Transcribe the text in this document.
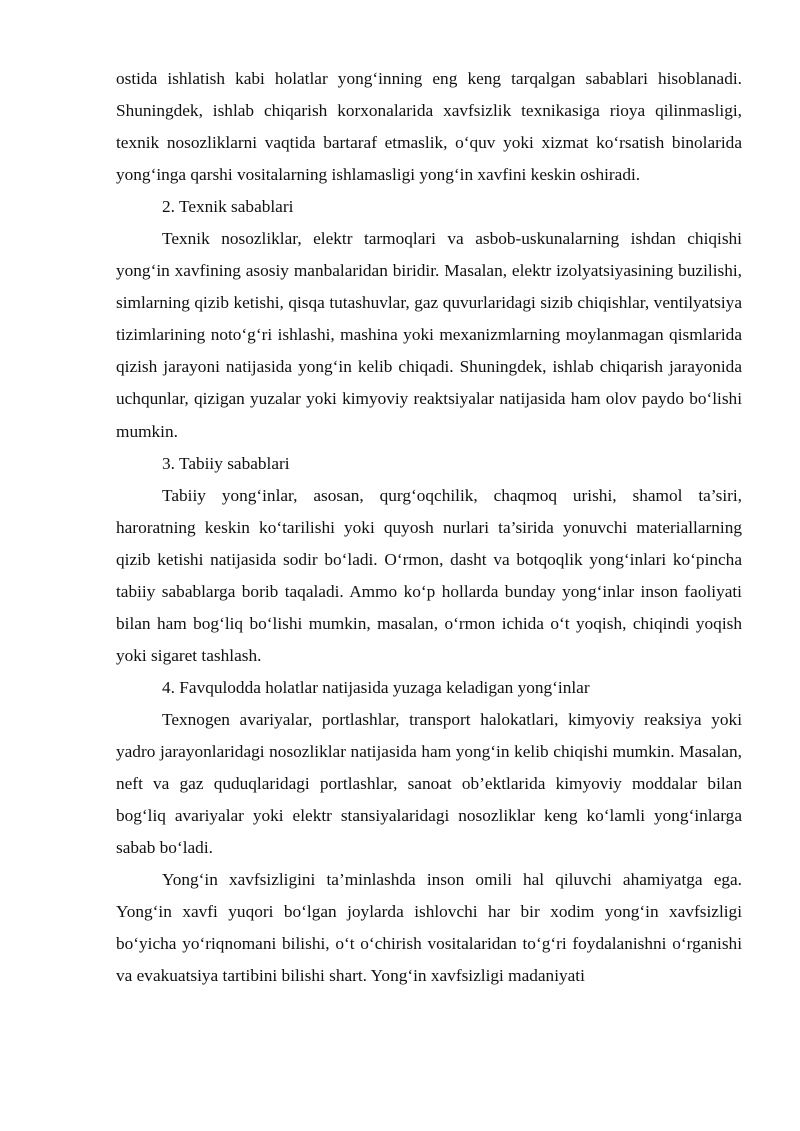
ostida ishlatish kabi holatlar yong‘inning eng keng tarqalgan sabablari hisoblanadi. Shuningdek, ishlab chiqarish korxonalarida xavfsizlik texnikasiga rioya qilinmasligi, texnik nosozliklarni vaqtida bartaraf etmaslik, o‘quv yoki xizmat ko‘rsatish binolarida yong‘inga qarshi vositalarning ishlamasligi yong‘in xavfini keskin oshiradi.

2. Texnik sabablari

Texnik nosozliklar, elektr tarmoqlari va asbob-uskunalarning ishdan chiqishi yong‘in xavfining asosiy manbalaridan biridir. Masalan, elektr izolyatsiyasining buzilishi, simlarning qizib ketishi, qisqa tutashuvlar, gaz quvurlaridagi sizib chiqishlar, ventilyatsiya tizimlarining noto‘g‘ri ishlashi, mashina yoki mexanizmlarning moylanmagan qismlarida qizish jarayoni natijasida yong‘in kelib chiqadi. Shuningdek, ishlab chiqarish jarayonida uchqunlar, qizigan yuzalar yoki kimyoviy reaktsiyalar natijasida ham olov paydo bo‘lishi mumkin.

3. Tabiiy sabablari

Tabiiy yong‘inlar, asosan, qurg‘oqchilik, chaqmoq urishi, shamol ta’siri, haroratning keskin ko‘tarilishi yoki quyosh nurlari ta’sirida yonuvchi materiallarning qizib ketishi natijasida sodir bo‘ladi. O‘rmon, dasht va botqoqlik yong‘inlari ko‘pincha tabiiy sabablarga borib taqaladi. Ammo ko‘p hollarda bunday yong‘inlar inson faoliyati bilan ham bog‘liq bo‘lishi mumkin, masalan, o‘rmon ichida o‘t yoqish, chiqindi yoqish yoki sigaret tashlash.

4. Favqulodda holatlar natijasida yuzaga keladigan yong‘inlar

Texnogen avariyalar, portlashlar, transport halokatlari, kimyoviy reaksiya yoki yadro jarayonlaridagi nosozliklar natijasida ham yong‘in kelib chiqishi mumkin. Masalan, neft va gaz quduqlaridagi portlashlar, sanoat ob’ektlarida kimyoviy moddalar bilan bog‘liq avariyalar yoki elektr stansiyalaridagi nosozliklar keng ko‘lamli yong‘inlarga sabab bo‘ladi.

Yong‘in xavfsizligini ta’minlashda inson omili hal qiluvchi ahamiyatga ega. Yong‘in xavfi yuqori bo‘lgan joylarda ishlovchi har bir xodim yong‘in xavfsizligi bo‘yicha yo‘riqnomani bilishi, o‘t o‘chirish vositalaridan to‘g‘ri foydalanishni o‘rganishi va evakuatsiya tartibini bilishi shart. Yong‘in xavfsizligi madaniyati
